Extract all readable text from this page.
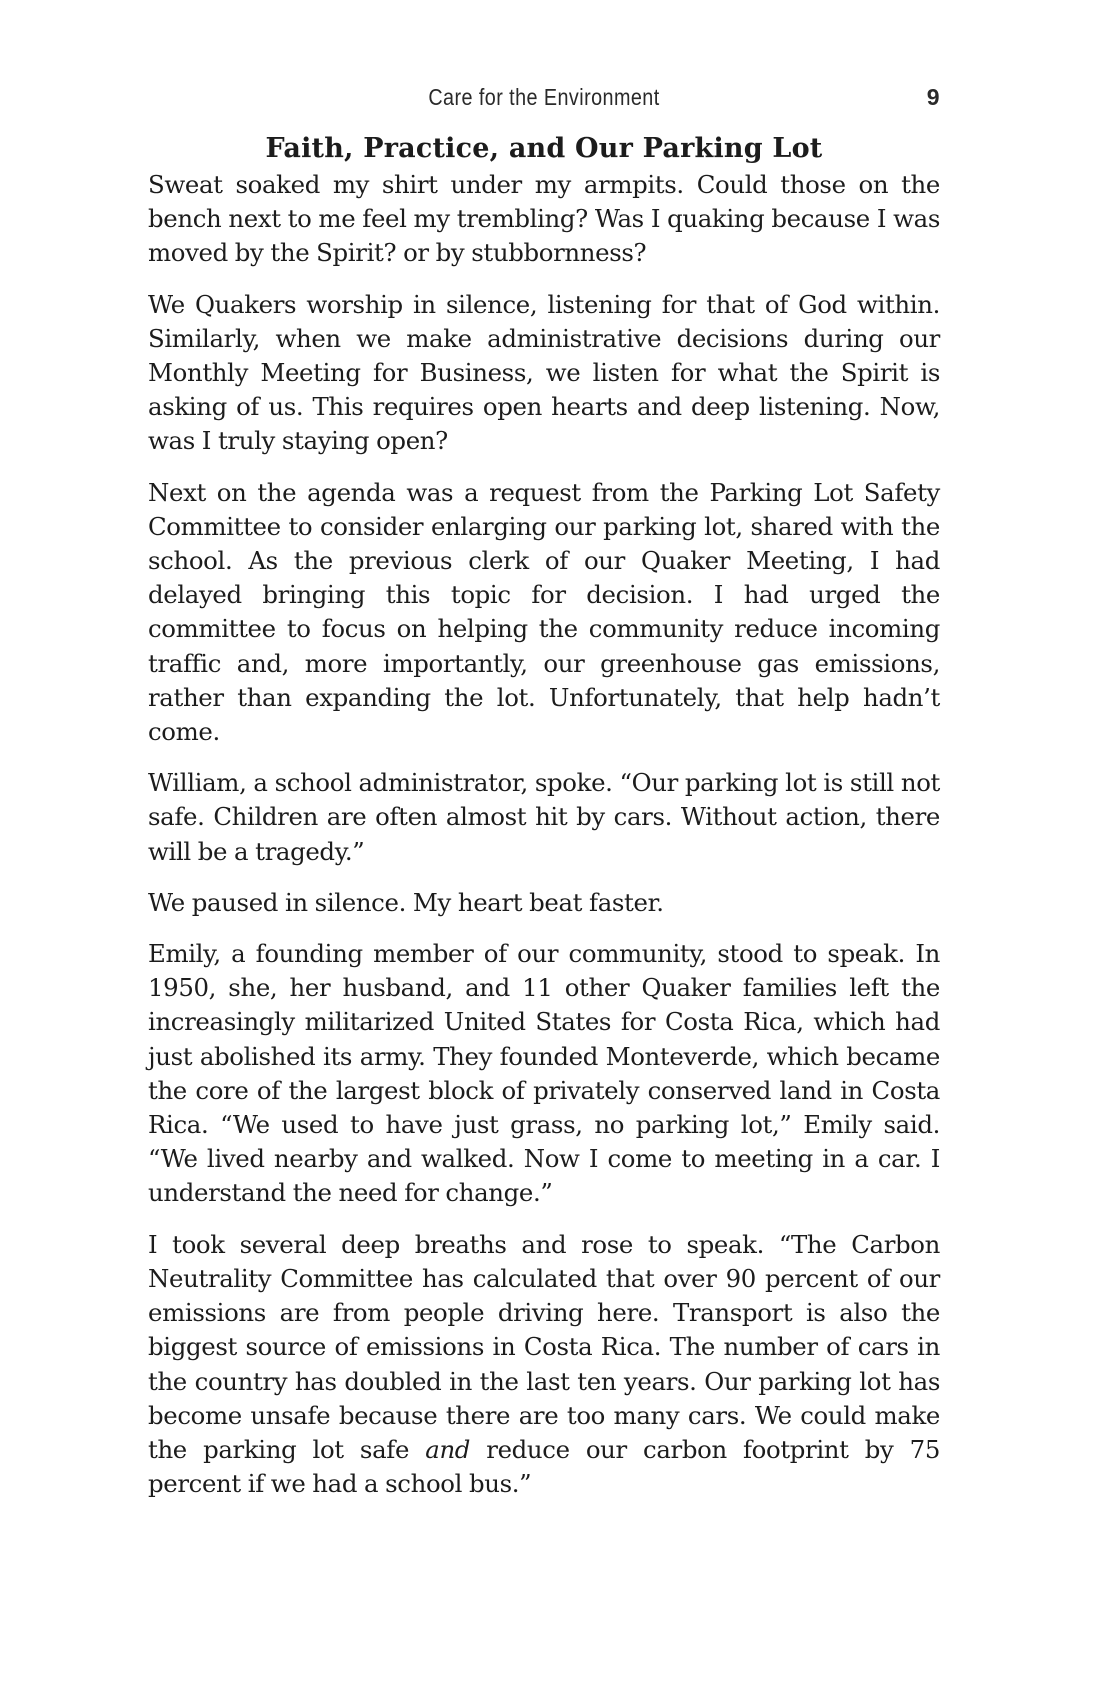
Care for the Environment	9
Faith, Practice, and Our Parking Lot

Sweat soaked my shirt under my armpits. Could those on the bench next to me feel my trembling? Was I quaking because I was moved by the Spirit? or by stubbornness?

We Quakers worship in silence, listening for that of God within. Similarly, when we make administrative decisions during our Monthly Meeting for Business, we listen for what the Spirit is asking of us. This requires open hearts and deep listening. Now, was I truly staying open?

Next on the agenda was a request from the Parking Lot Safety Committee to consider enlarging our parking lot, shared with the school. As the previous clerk of our Quaker Meeting, I had delayed bringing this topic for decision. I had urged the committee to focus on helping the community reduce incoming traffic and, more importantly, our greenhouse gas emissions, rather than expanding the lot. Unfortunately, that help hadn’t come.

William, a school administrator, spoke. “Our parking lot is still not safe. Children are often almost hit by cars. Without action, there will be a tragedy.”

We paused in silence. My heart beat faster.

Emily, a founding member of our community, stood to speak. In 1950, she, her husband, and 11 other Quaker families left the increasingly militarized United States for Costa Rica, which had just abolished its army. They founded Monteverde, which became the core of the largest block of privately conserved land in Costa Rica. “We used to have just grass, no parking lot,” Emily said. “We lived nearby and walked. Now I come to meeting in a car. I understand the need for change.”

I took several deep breaths and rose to speak. “The Carbon Neutrality Committee has calculated that over 90 percent of our emissions are from people driving here. Transport is also the biggest source of emissions in Costa Rica. The number of cars in the country has doubled in the last ten years. Our parking lot has become unsafe because there are too many cars. We could make the parking lot safe and reduce our carbon footprint by 75 percent if we had a school bus.”
